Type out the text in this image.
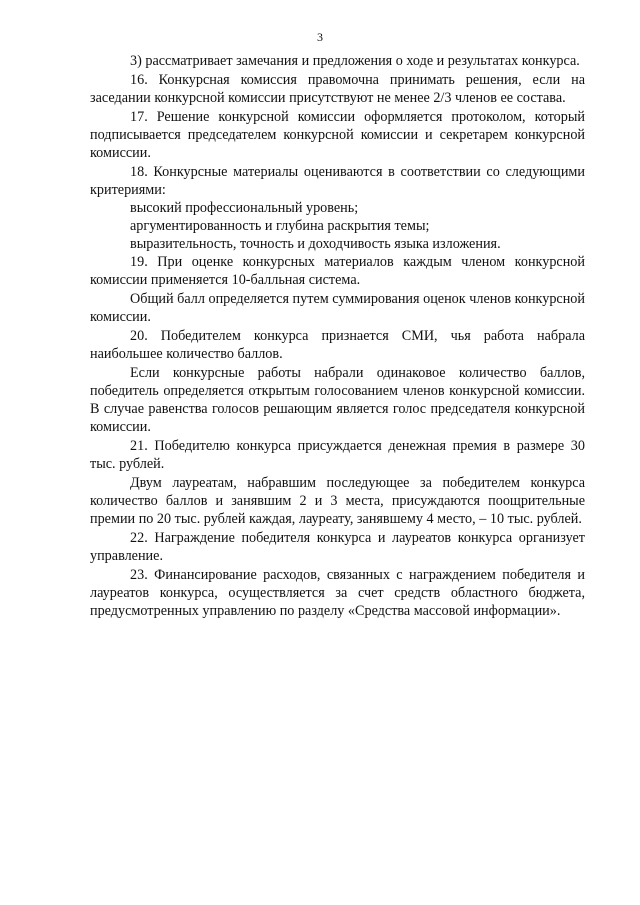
3

3) рассматривает замечания и предложения о ходе и результатах конкурса.

16. Конкурсная комиссия правомочна принимать решения, если на заседании конкурсной комиссии присутствуют не менее 2/3 членов ее состава.

17. Решение конкурсной комиссии оформляется протоколом, который подписывается председателем конкурсной комиссии и секретарем конкурсной комиссии.

18. Конкурсные материалы оцениваются в соответствии со следующими критериями:

высокий профессиональный уровень;

аргументированность и глубина раскрытия темы;

выразительность, точность и доходчивость языка изложения.

19. При оценке конкурсных материалов каждым членом конкурсной комиссии применяется 10-балльная система.

Общий балл определяется путем суммирования оценок членов конкурсной комиссии.

20. Победителем конкурса признается СМИ, чья работа набрала наибольшее количество баллов.

Если конкурсные работы набрали одинаковое количество баллов, победитель определяется открытым голосованием членов конкурсной комиссии. В случае равенства голосов решающим является голос председателя конкурсной комиссии.

21. Победителю конкурса присуждается денежная премия в размере 30 тыс. рублей.

Двум лауреатам, набравшим последующее за победителем конкурса количество баллов и занявшим 2 и 3 места, присуждаются поощрительные премии по 20 тыс. рублей каждая, лауреату, занявшему 4 место, – 10 тыс. рублей.

22. Награждение победителя конкурса и лауреатов конкурса организует управление.

23. Финансирование расходов, связанных с награждением победителя и лауреатов конкурса, осуществляется за счет средств областного бюджета, предусмотренных управлению по разделу «Средства массовой информации».
